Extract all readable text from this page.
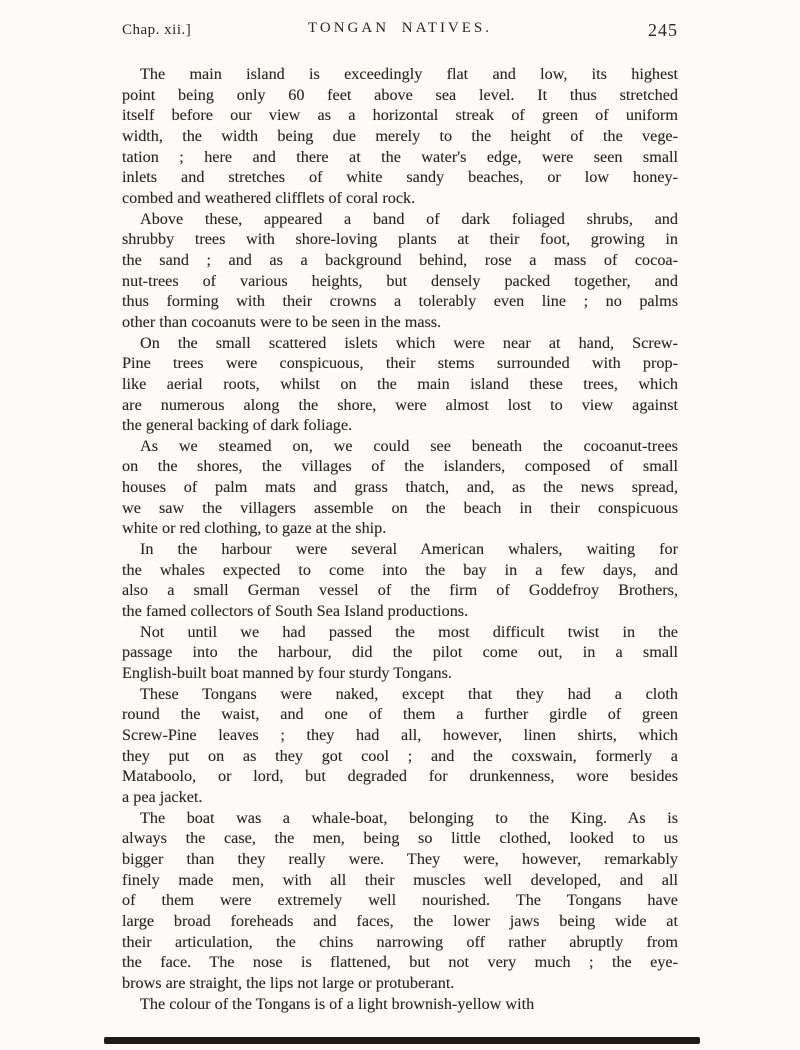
Chap. xii.]	TONGAN NATIVES.	245
The main island is exceedingly flat and low, its highest
point being only 60 feet above sea level. It thus stretched
itself before our view as a horizontal streak of green of uniform
width, the width being due merely to the height of the vege-
tation ; here and there at the water's edge, were seen small
inlets and stretches of white sandy beaches, or low honey-
combed and weathered clifflets of coral rock.
Above these, appeared a band of dark foliaged shrubs, and
shrubby trees with shore-loving plants at their foot, growing in
the sand ; and as a background behind, rose a mass of cocoa-
nut-trees of various heights, but densely packed together, and
thus forming with their crowns a tolerably even line ; no palms
other than cocoanuts were to be seen in the mass.
On the small scattered islets which were near at hand, Screw-
Pine trees were conspicuous, their stems surrounded with prop-
like aerial roots, whilst on the main island these trees, which
are numerous along the shore, were almost lost to view against
the general backing of dark foliage.
As we steamed on, we could see beneath the cocoanut-trees
on the shores, the villages of the islanders, composed of small
houses of palm mats and grass thatch, and, as the news spread,
we saw the villagers assemble on the beach in their conspicuous
white or red clothing, to gaze at the ship.
In the harbour were several American whalers, waiting for
the whales expected to come into the bay in a few days, and
also a small German vessel of the firm of Goddefroy Brothers,
the famed collectors of South Sea Island productions.
Not until we had passed the most difficult twist in the
passage into the harbour, did the pilot come out, in a small
English-built boat manned by four sturdy Tongans.
These Tongans were naked, except that they had a cloth
round the waist, and one of them a further girdle of green
Screw-Pine leaves ; they had all, however, linen shirts, which
they put on as they got cool ; and the coxswain, formerly a
Mataboolo, or lord, but degraded for drunkenness, wore besides
a pea jacket.
The boat was a whale-boat, belonging to the King. As is
always the case, the men, being so little clothed, looked to us
bigger than they really were. They were, however, remarkably
finely made men, with all their muscles well developed, and all
of them were extremely well nourished. The Tongans have
large broad foreheads and faces, the lower jaws being wide at
their articulation, the chins narrowing off rather abruptly from
the face. The nose is flattened, but not very much ; the eye-
brows are straight, the lips not large or protuberant.
The colour of the Tongans is of a light brownish-yellow with
